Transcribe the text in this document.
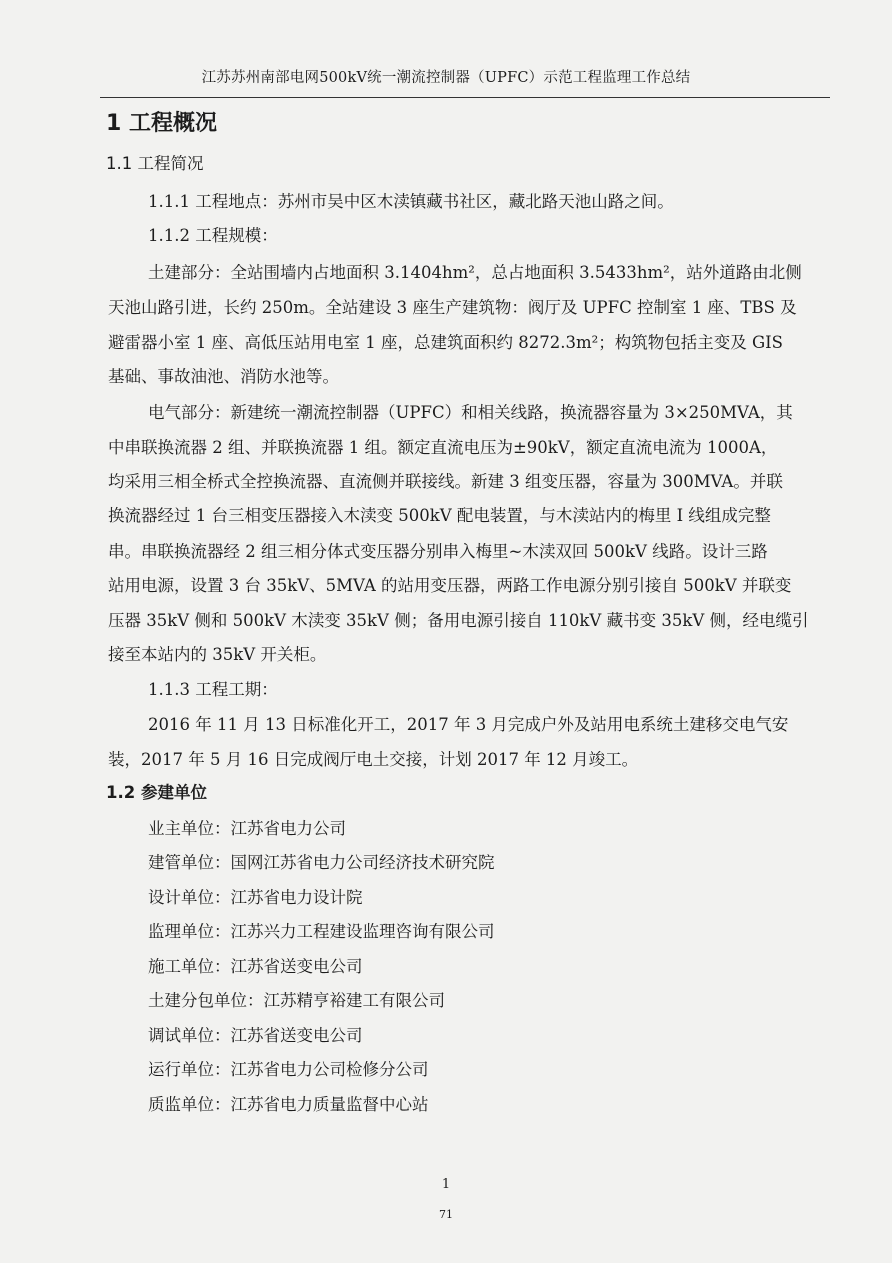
江苏苏州南部电网500kV统一潮流控制器（UPFC）示范工程监理工作总结
1 工程概况
1.1 工程简况
1.1.1 工程地点：苏州市吴中区木渎镇藏书社区，藏北路天池山路之间。
1.1.2 工程规模：
土建部分：全站围墙内占地面积 3.1404hm²，总占地面积 3.5433hm²，站外道路由北侧
天池山路引进，长约 250m。全站建设 3 座生产建筑物：阀厅及 UPFC 控制室 1 座、TBS 及
避雷器小室 1 座、高低压站用电室 1 座，总建筑面积约 8272.3m²；构筑物包括主变及 GIS
基础、事故油池、消防水池等。
电气部分：新建统一潮流控制器（UPFC）和相关线路，换流器容量为 3×250MVA，其
中串联换流器 2 组、并联换流器 1 组。额定直流电压为±90kV，额定直流电流为 1000A，
均采用三相全桥式全控换流器、直流侧并联接线。新建 3 组变压器，容量为 300MVA。并联
换流器经过 1 台三相变压器接入木渎变 500kV 配电装置，与木渎站内的梅里 I 线组成完整
串。串联换流器经 2 组三相分体式变压器分别串入梅里~木渎双回 500kV 线路。设计三路
站用电源，设置 3 台 35kV、5MVA 的站用变压器，两路工作电源分别引接自 500kV 并联变
压器 35kV 侧和 500kV 木渎变 35kV 侧；备用电源引接自 110kV 藏书变 35kV 侧，经电缆引
接至本站内的 35kV 开关柜。
1.1.3 工程工期：
2016 年 11 月 13 日标准化开工，2017 年 3 月完成户外及站用电系统土建移交电气安
装，2017 年 5 月 16 日完成阀厅电土交接，计划 2017 年 12 月竣工。
1.2 参建单位
业主单位：江苏省电力公司
建管单位：国网江苏省电力公司经济技术研究院
设计单位：江苏省电力设计院
监理单位：江苏兴力工程建设监理咨询有限公司
施工单位：江苏省送变电公司
土建分包单位：江苏精亨裕建工有限公司
调试单位：江苏省送变电公司
运行单位：江苏省电力公司检修分公司
质监单位：江苏省电力质量监督中心站
1
71
